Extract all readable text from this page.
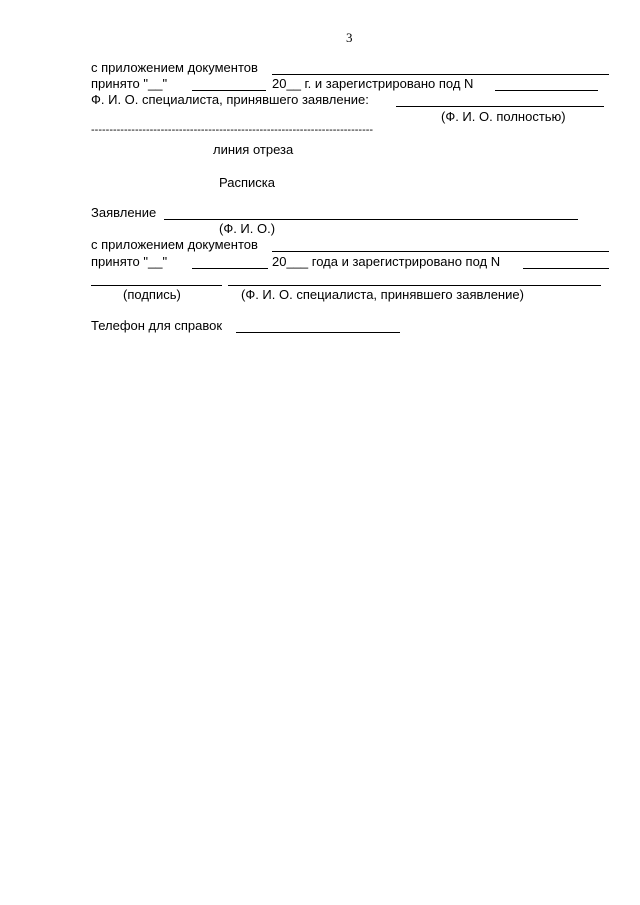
3
с приложением документов
принято "__"	20__ г. и зарегистрировано под N
Ф. И. О. специалиста, принявшего заявление:
(Ф. И. О. полностью)
-----------------------------------------------------------------------------
линия отреза
Расписка
Заявление
(Ф. И. О.)
с приложением документов
принято "__"	20___ года и зарегистрировано под N
(подпись)	(Ф. И. О. специалиста, принявшего заявление)
Телефон для справок
